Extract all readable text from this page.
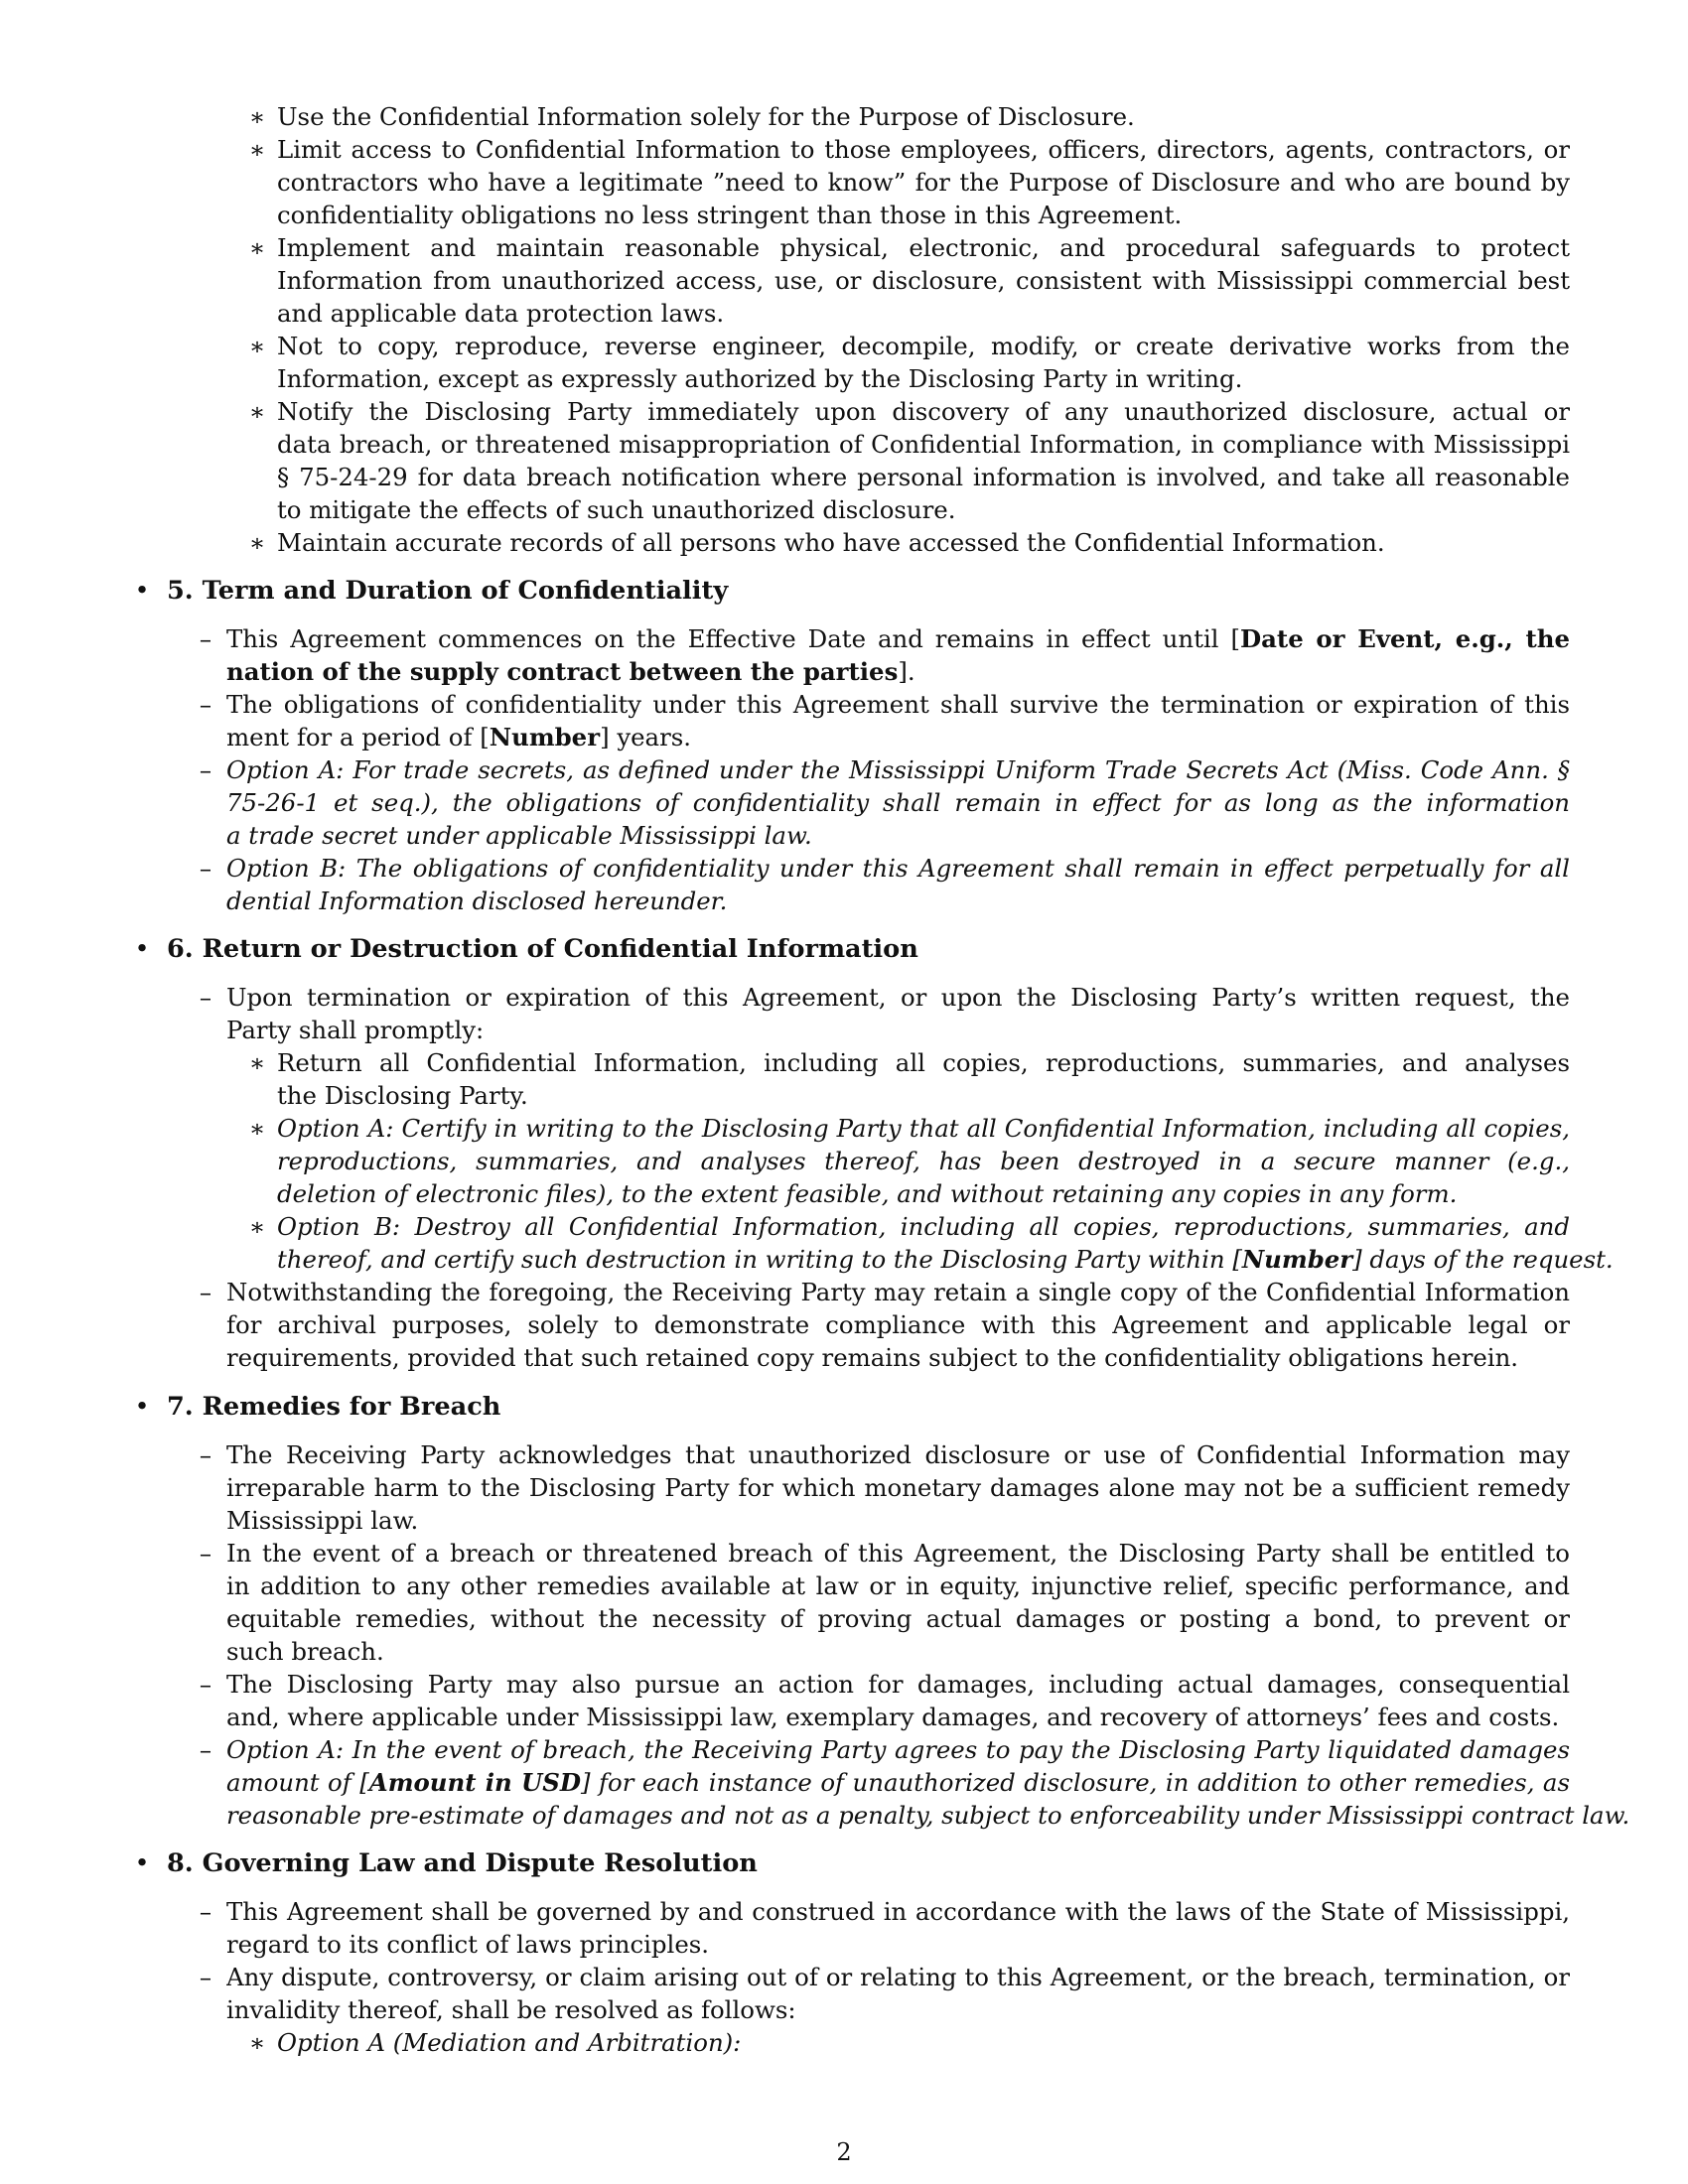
∗ Use the Confidential Information solely for the Purpose of Disclosure.
∗ Limit access to Confidential Information to those employees, officers, directors, agents, contractors, or
contractors who have a legitimate ”need to know” for the Purpose of Disclosure and who are bound by
confidentiality obligations no less stringent than those in this Agreement.
∗ Implement and maintain reasonable physical, electronic, and procedural safeguards to protect
Information from unauthorized access, use, or disclosure, consistent with Mississippi commercial best
and applicable data protection laws.
∗ Not to copy, reproduce, reverse engineer, decompile, modify, or create derivative works from the
Information, except as expressly authorized by the Disclosing Party in writing.
∗ Notify the Disclosing Party immediately upon discovery of any unauthorized disclosure, actual or
data breach, or threatened misappropriation of Confidential Information, in compliance with Mississippi
§ 75-24-29 for data breach notification where personal information is involved, and take all reasonable
to mitigate the effects of such unauthorized disclosure.
∗ Maintain accurate records of all persons who have accessed the Confidential Information.
• 5. Term and Duration of Confidentiality
– This Agreement commences on the Effective Date and remains in effect until [Date or Event, e.g., the
nation of the supply contract between the parties].
– The obligations of confidentiality under this Agreement shall survive the termination or expiration of this
ment for a period of [Number] years.
– Option A: For trade secrets, as defined under the Mississippi Uniform Trade Secrets Act (Miss. Code Ann. §
75-26-1 et seq.), the obligations of confidentiality shall remain in effect for as long as the information
a trade secret under applicable Mississippi law.
– Option B: The obligations of confidentiality under this Agreement shall remain in effect perpetually for all
dential Information disclosed hereunder.
• 6. Return or Destruction of Confidential Information
– Upon termination or expiration of this Agreement, or upon the Disclosing Party’s written request, the
Party shall promptly:
∗ Return all Confidential Information, including all copies, reproductions, summaries, and analyses
the Disclosing Party.
∗ Option A: Certify in writing to the Disclosing Party that all Confidential Information, including all copies,
reproductions, summaries, and analyses thereof, has been destroyed in a secure manner (e.g.,
deletion of electronic files), to the extent feasible, and without retaining any copies in any form.
∗ Option B: Destroy all Confidential Information, including all copies, reproductions, summaries, and
thereof, and certify such destruction in writing to the Disclosing Party within [Number] days of the request.
– Notwithstanding the foregoing, the Receiving Party may retain a single copy of the Confidential Information
for archival purposes, solely to demonstrate compliance with this Agreement and applicable legal or
requirements, provided that such retained copy remains subject to the confidentiality obligations herein.
• 7. Remedies for Breach
– The Receiving Party acknowledges that unauthorized disclosure or use of Confidential Information may
irreparable harm to the Disclosing Party for which monetary damages alone may not be a sufficient remedy
Mississippi law.
– In the event of a breach or threatened breach of this Agreement, the Disclosing Party shall be entitled to
in addition to any other remedies available at law or in equity, injunctive relief, specific performance, and
equitable remedies, without the necessity of proving actual damages or posting a bond, to prevent or
such breach.
– The Disclosing Party may also pursue an action for damages, including actual damages, consequential
and, where applicable under Mississippi law, exemplary damages, and recovery of attorneys’ fees and costs.
– Option A: In the event of breach, the Receiving Party agrees to pay the Disclosing Party liquidated damages
amount of [Amount in USD] for each instance of unauthorized disclosure, in addition to other remedies, as
reasonable pre-estimate of damages and not as a penalty, subject to enforceability under Mississippi contract law.
• 8. Governing Law and Dispute Resolution
– This Agreement shall be governed by and construed in accordance with the laws of the State of Mississippi,
regard to its conflict of laws principles.
– Any dispute, controversy, or claim arising out of or relating to this Agreement, or the breach, termination, or
invalidity thereof, shall be resolved as follows:
∗ Option A (Mediation and Arbitration):
2
